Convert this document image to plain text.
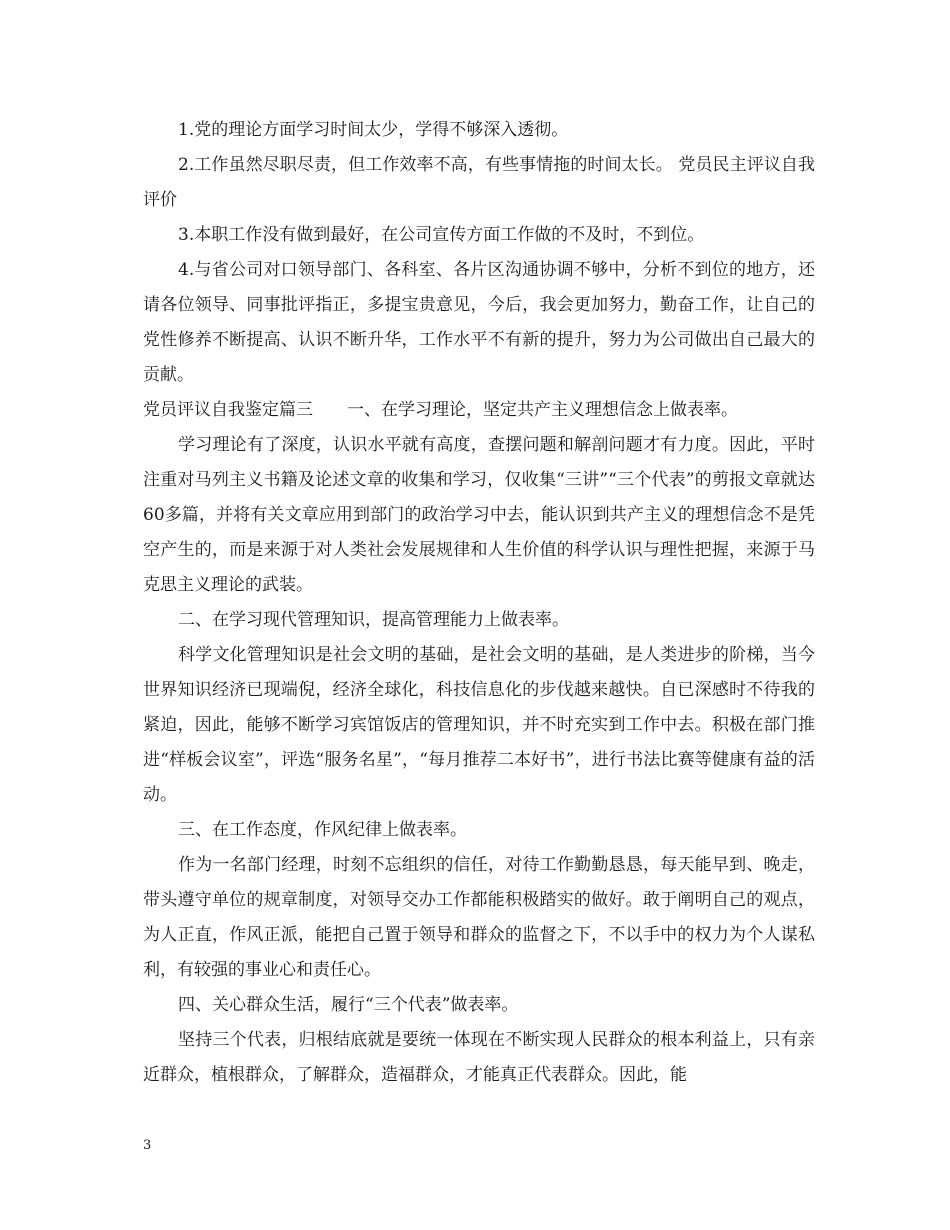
1.党的理论方面学习时间太少，学得不够深入透彻。

2.工作虽然尽职尽责，但工作效率不高，有些事情拖的时间太长。 党员民主评议自我评价

3.本职工作没有做到最好，在公司宣传方面工作做的不及时，不到位。

4.与省公司对口领导部门、各科室、各片区沟通协调不够中，分析不到位的地方，还请各位领导、同事批评指正，多提宝贵意见，今后，我会更加努力，勤奋工作，让自己的党性修养不断提高、认识不断升华，工作水平不有新的提升，努力为公司做出自己最大的贡献。

党员评议自我鉴定篇三　　一、在学习理论，坚定共产主义理想信念上做表率。

学习理论有了深度，认识水平就有高度，查摆问题和解剖问题才有力度。因此，平时注重对马列主义书籍及论述文章的收集和学习，仅收集“三讲”“三个代表”的剪报文章就达60多篇，并将有关文章应用到部门的政治学习中去，能认识到共产主义的理想信念不是凭空产生的，而是来源于对人类社会发展规律和人生价值的科学认识与理性把握，来源于马克思主义理论的武装。

二、在学习现代管理知识，提高管理能力上做表率。

科学文化管理知识是社会文明的基础，是社会文明的基础，是人类进步的阶梯，当今世界知识经济已现端倪，经济全球化，科技信息化的步伐越来越快。自已深感时不待我的紧迫，因此，能够不断学习宾馆饭店的管理知识，并不时充实到工作中去。积极在部门推进“样板会议室”，评选“服务名星”，“每月推荐二本好书”，进行书法比赛等健康有益的活动。

三、在工作态度，作风纪律上做表率。

作为一名部门经理，时刻不忘组织的信任，对待工作勤勤恳恳，每天能早到、晚走，带头遵守单位的规章制度，对领导交办工作都能积极踏实的做好。敢于阐明自己的观点，为人正直，作风正派，能把自己置于领导和群众的监督之下，不以手中的权力为个人谋私利，有较强的事业心和责任心。

四、关心群众生活，履行“三个代表”做表率。

坚持三个代表，归根结底就是要统一体现在不断实现人民群众的根本利益上，只有亲近群众，植根群众，了解群众，造福群众，才能真正代表群众。因此，能

3
